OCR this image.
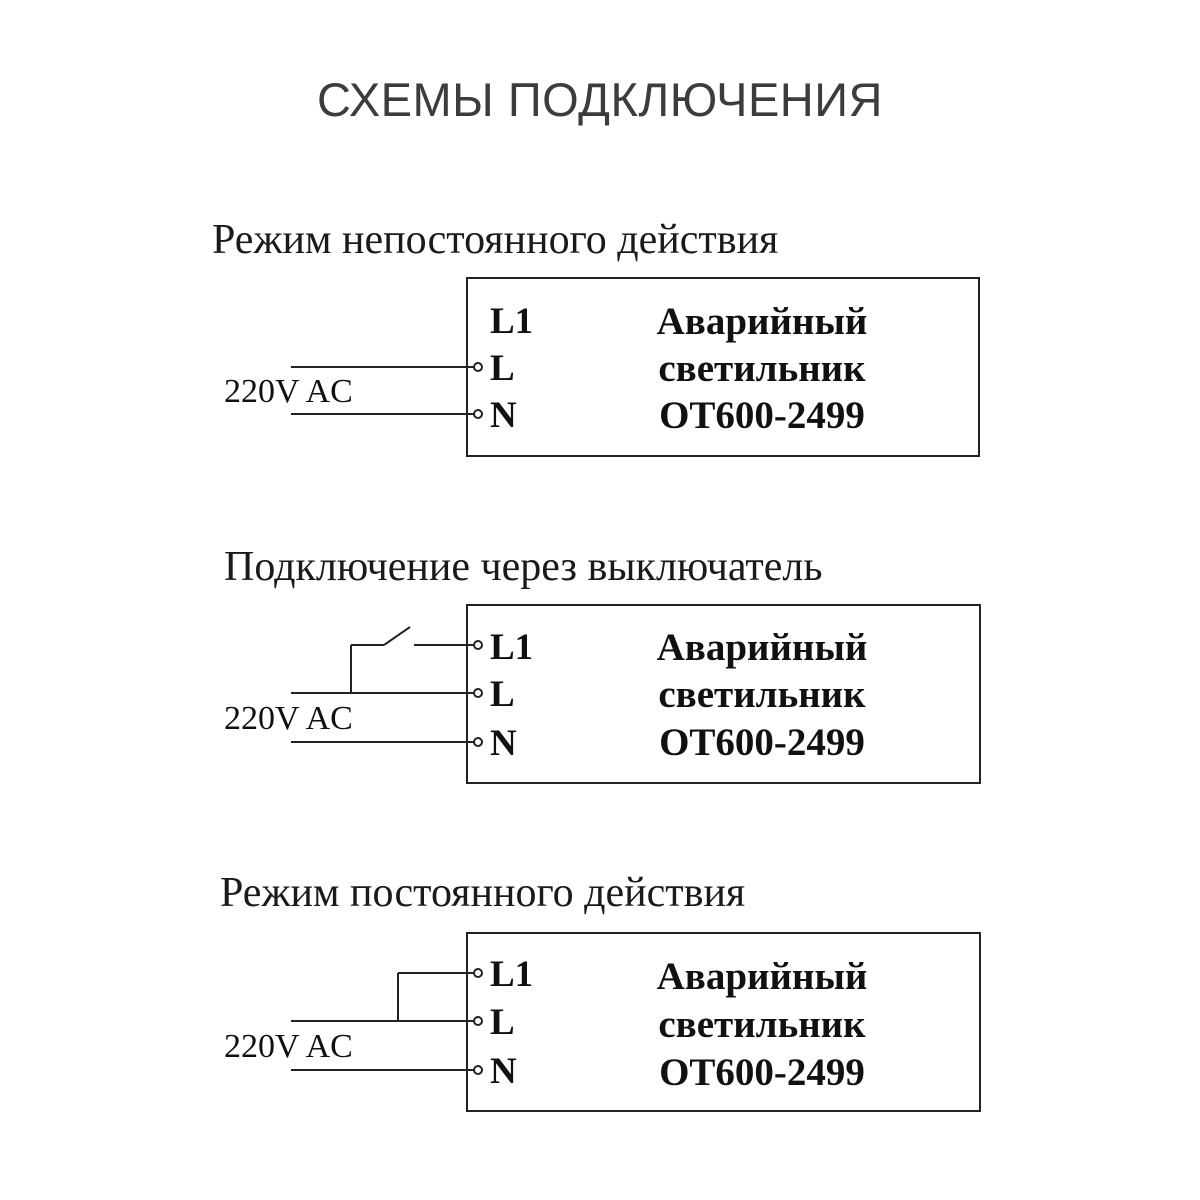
СХЕМЫ ПОДКЛЮЧЕНИЯ
Режим непостоянного действия
Подключение через выключатель
Режим постоянного действия
220V AC
L1
L
N
Аварийный
светильник
OT600-2499
220V AC
L1
L
N
Аварийный
светильник
OT600-2499
220V AC
L1
L
N
Аварийный
светильник
OT600-2499
